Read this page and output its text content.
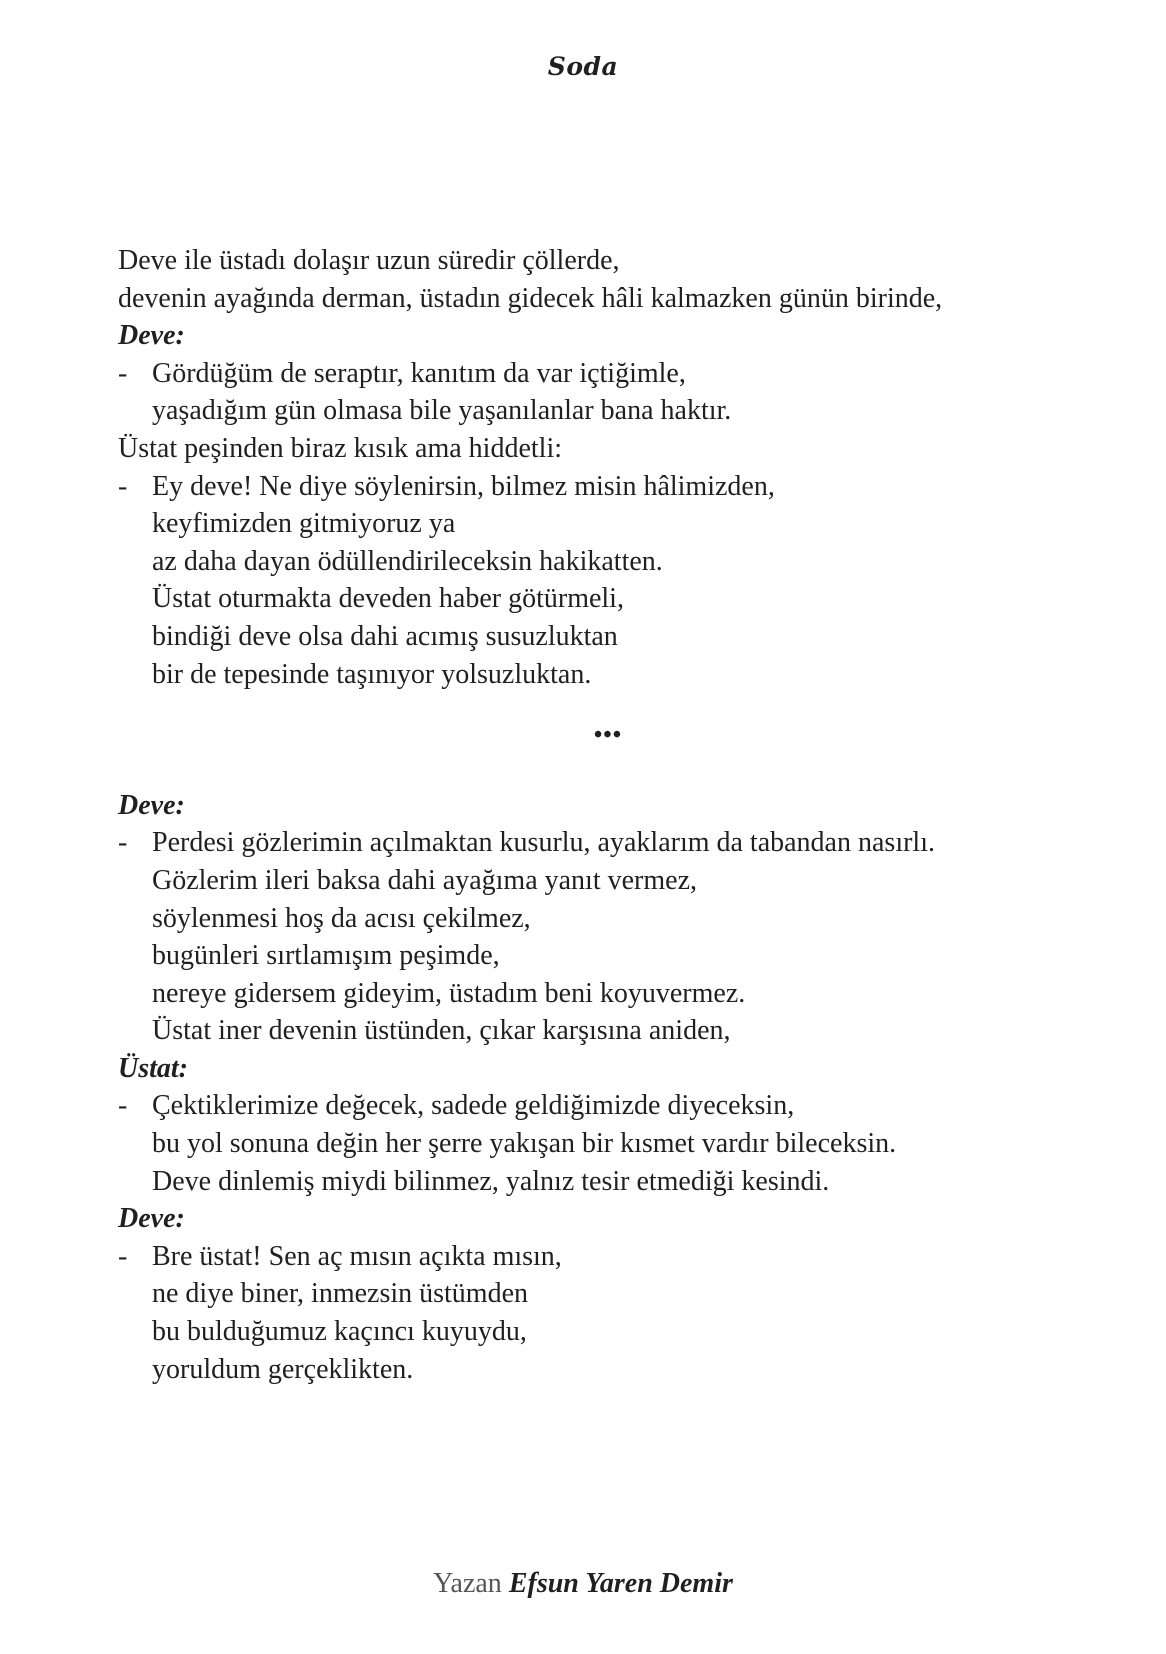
Soda
Deve ile üstadı dolaşır uzun süredir çöllerde,
devenin ayağında derman, üstadın gidecek hâli kalmazken günün birinde,
Deve:
- Gördüğüm de seraptır, kanıtım da var içtiğimle,
yaşadığım gün olmasa bile yaşanılanlar bana haktır.
Üstat peşinden biraz kısık ama hiddetli:
- Ey deve! Ne diye söylenirsin, bilmez misin hâlimizden,
keyfimizden gitmiyoruz ya
az daha dayan ödüllendirileceksin hakikatten.
Üstat oturmakta deveden haber götürmeli,
bindiği deve olsa dahi acımış susuzluktan
bir de tepesinde taşınıyor yolsuzluktan.
•••
Deve:
- Perdesi gözlerimin açılmaktan kusurlu, ayaklarım da tabandan nasırlı.
Gözlerim ileri baksa dahi ayağıma yanıt vermez,
söylenmesi hoş da acısı çekilmez,
bugünleri sırtlamışım peşimde,
nereye gidersem gideyim, üstadım beni koyuvermez.
Üstat iner devenin üstünden, çıkar karşısına aniden,
Üstat:
- Çektiklerimize değecek, sadede geldiğimizde diyeceksin,
bu yol sonuna değin her şerre yakışan bir kısmet vardır bileceksin.
Deve dinlemiş miydi bilinmez, yalnız tesir etmediği kesindi.
Deve:
- Bre üstat! Sen aç mısın açıkta mısın,
ne diye biner, inmezsin üstümden
bu bulduğumuz kaçıncı kuyuydu,
yoruldum gerçeklikten.
Yazan Efsun Yaren Demir
